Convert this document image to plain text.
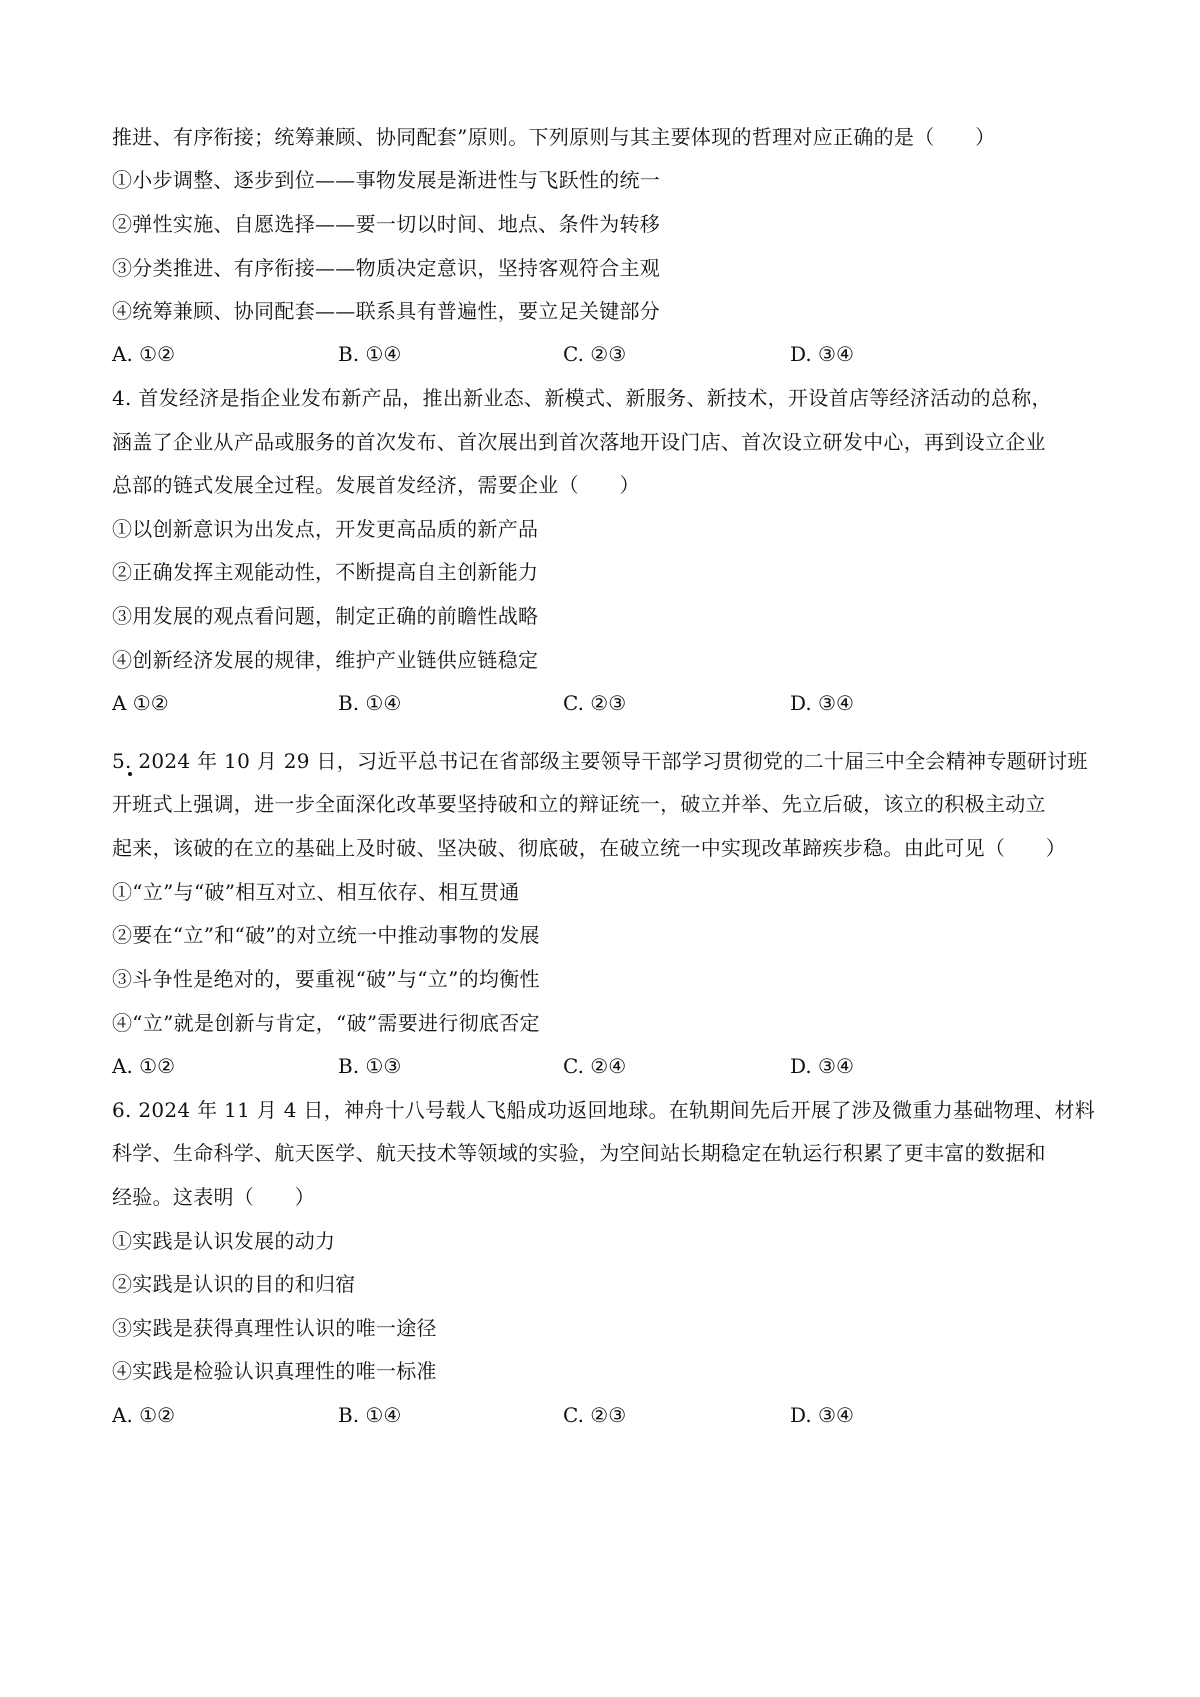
推进、有序衔接；统筹兼顾、协同配套”原则。下列原则与其主要体现的哲理对应正确的是（　　）
①小步调整、逐步到位——事物发展是渐进性与飞跃性的统一
②弹性实施、自愿选择——要一切以时间、地点、条件为转移
③分类推进、有序衔接——物质决定意识，坚持客观符合主观
④统筹兼顾、协同配套——联系具有普遍性，要立足关键部分
A. ①②	B. ①④	C. ②③	D. ③④
4. 首发经济是指企业发布新产品，推出新业态、新模式、新服务、新技术，开设首店等经济活动的总称，
涵盖了企业从产品或服务的首次发布、首次展出到首次落地开设门店、首次设立研发中心，再到设立企业
总部的链式发展全过程。发展首发经济，需要企业（　　）
①以创新意识为出发点，开发更高品质的新产品
②正确发挥主观能动性，不断提高自主创新能力
③用发展的观点看问题，制定正确的前瞻性战略
④创新经济发展的规律，维护产业链供应链稳定
A ①②	B. ①④	C. ②③	D. ③④
5. 2024 年 10 月 29 日，习近平总书记在省部级主要领导干部学习贯彻党的二十届三中全会精神专题研讨班
开班式上强调，进一步全面深化改革要坚持破和立的辩证统一，破立并举、先立后破，该立的积极主动立
起来，该破的在立的基础上及时破、坚决破、彻底破，在破立统一中实现改革蹄疾步稳。由此可见（　　）
①“立”与“破”相互对立、相互依存、相互贯通
②要在“立”和“破”的对立统一中推动事物的发展
③斗争性是绝对的，要重视“破”与“立”的均衡性
④“立”就是创新与肯定，“破”需要进行彻底否定
A. ①②	B. ①③	C. ②④	D. ③④
6. 2024 年 11 月 4 日，神舟十八号载人飞船成功返回地球。在轨期间先后开展了涉及微重力基础物理、材料
科学、生命科学、航天医学、航天技术等领域的实验，为空间站长期稳定在轨运行积累了更丰富的数据和
经验。这表明（　　）
①实践是认识发展的动力
②实践是认识的目的和归宿
③实践是获得真理性认识的唯一途径
④实践是检验认识真理性的唯一标准
A. ①②	B. ①④	C. ②③	D. ③④
